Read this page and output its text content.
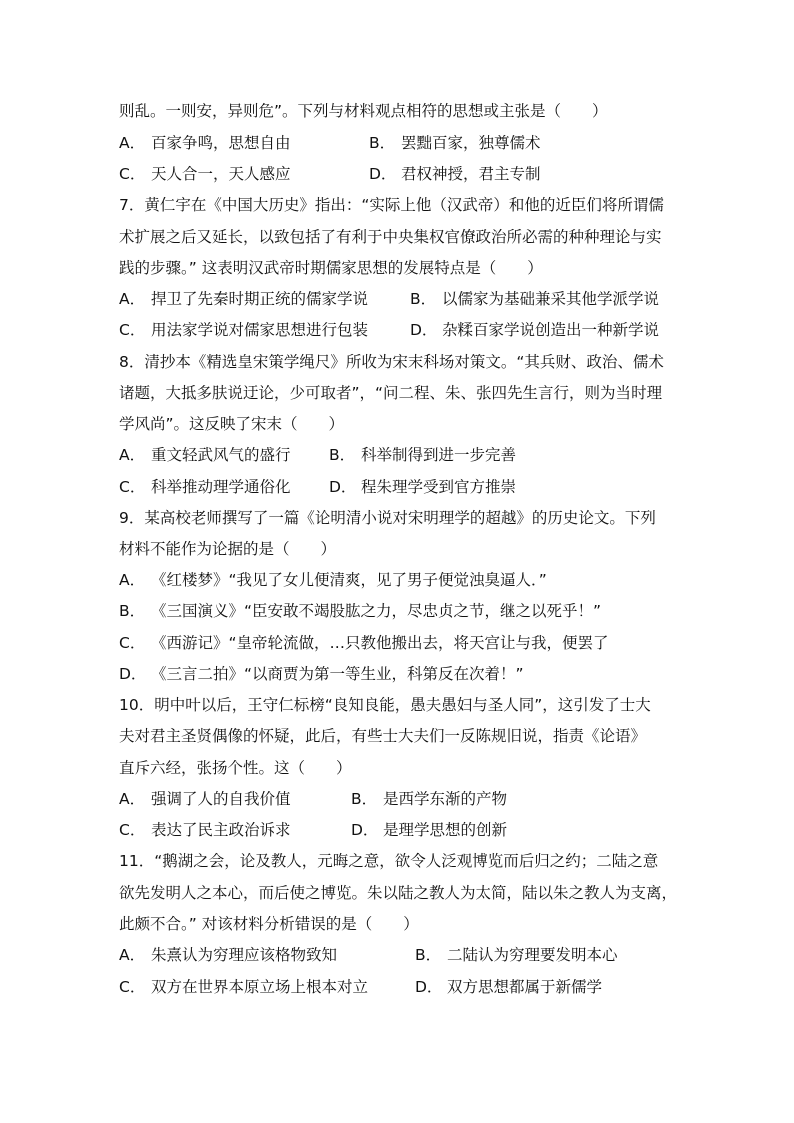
则乱。一则安，异则危”。下列与材料观点相符的思想或主张是（　　）
A． 百家争鸣，思想自由	B． 罢黜百家，独尊儒术
C． 天人合一，天人感应	D． 君权神授，君主专制
7．黄仁宇在《中国大历史》指出：“实际上他（汉武帝）和他的近臣们将所谓儒
术扩展之后又延长，以致包括了有利于中央集权官僚政治所必需的种种理论与实
践的步骤。” 这表明汉武帝时期儒家思想的发展特点是（　　）
A． 捍卫了先秦时期正统的儒家学说	B． 以儒家为基础兼采其他学派学说
C． 用法家学说对儒家思想进行包装	D． 杂糅百家学说创造出一种新学说
8．清抄本《精选皇宋策学绳尺》所收为宋末科场对策文。“其兵财、政治、儒术
诸题，大抵多肤说迂论，少可取者”，“问二程、朱、张四先生言行，则为当时理
学风尚”。这反映了宋末（　　）
A． 重文轻武风气的盛行 B． 科举制得到进一步完善
C． 科举推动理学通俗化 D． 程朱理学受到官方推崇
9．某高校老师撰写了一篇《论明清小说对宋明理学的超越》的历史论文。下列
材料不能作为论据的是（　　）
A． 《红楼梦》“我见了女儿便清爽，见了男子便觉浊臭逼人．”
B． 《三国演义》“臣安敢不竭股肱之力，尽忠贞之节，继之以死乎！”
C． 《西游记》“皇帝轮流做，…只教他搬出去，将天宫让与我，便罢了
D． 《三言二拍》“以商贾为第一等生业，科第反在次着！”
10．明中叶以后，王守仁标榜“良知良能，愚夫愚妇与圣人同”，这引发了士大
夫对君主圣贤偶像的怀疑，此后，有些士大夫们一反陈规旧说，指责《论语》
直斥六经，张扬个性。这（　　）
A． 强调了人的自我价值	B． 是西学东渐的产物
C． 表达了民主政治诉求	D． 是理学思想的创新
11．“鹅湖之会，论及教人，元晦之意，欲令人泛观博览而后归之约；二陆之意
欲先发明人之本心，而后使之博览。朱以陆之教人为太简，陆以朱之教人为支离，
此颇不合。” 对该材料分析错误的是（　　）
A． 朱熹认为穷理应该格物致知	B． 二陆认为穷理要发明本心
C． 双方在世界本原立场上根本对立	D． 双方思想都属于新儒学
